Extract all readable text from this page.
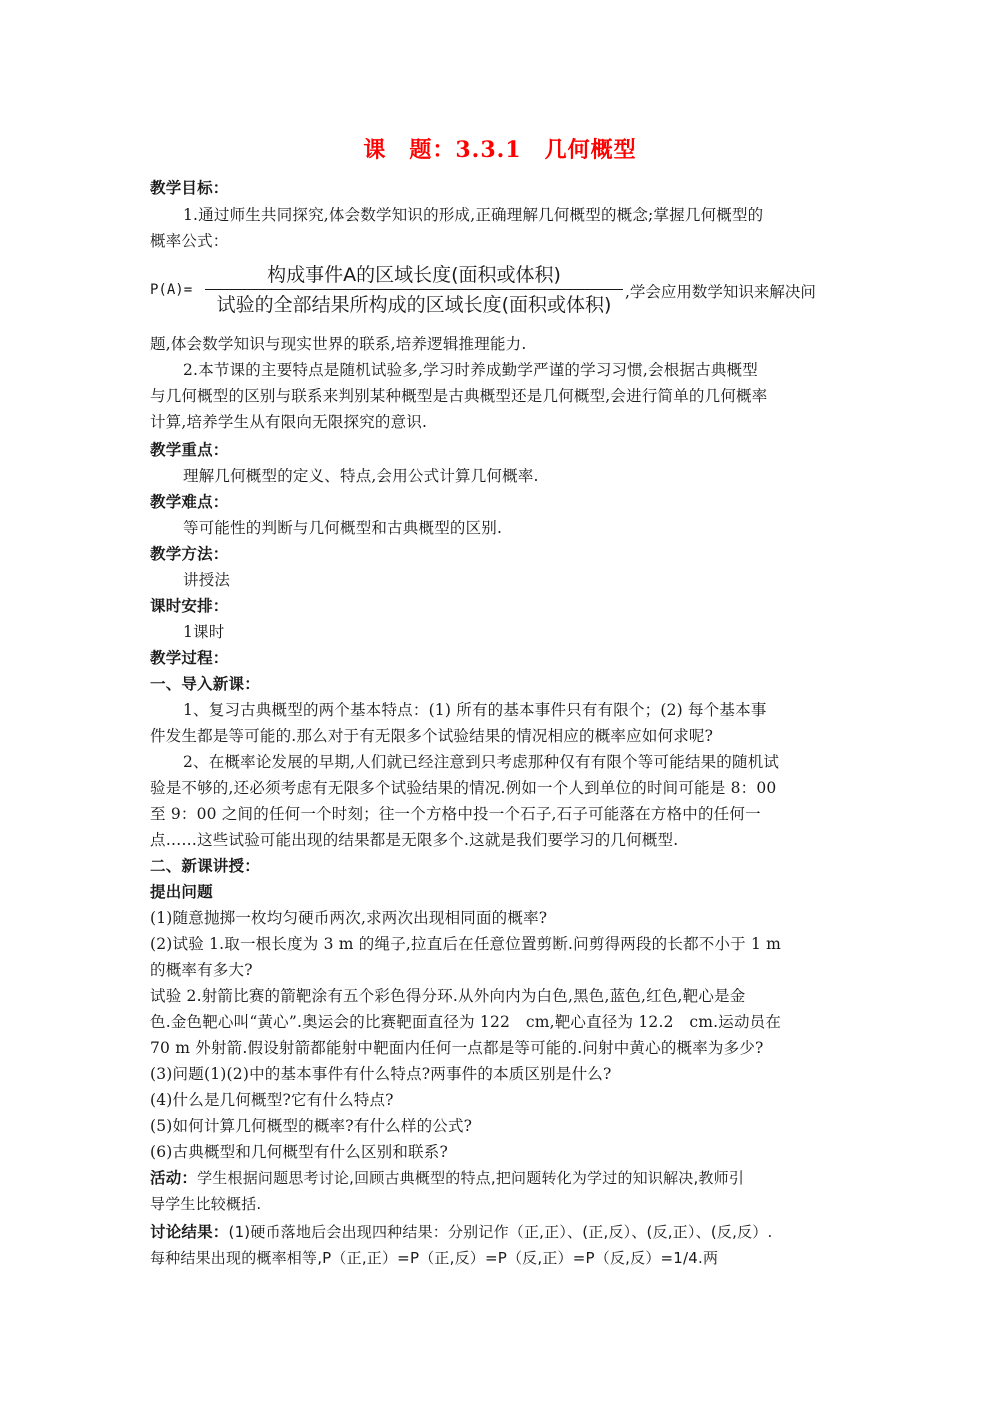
课　题：3.3.1　几何概型
教学目标：
1.通过师生共同探究,体会数学知识的形成,正确理解几何概型的概念;掌握几何概型的
概率公式：
P(A)=
构成事件A的区域长度(面积或体积)
试验的全部结果所构成的区域长度(面积或体积)
,学会应用数学知识来解决问
题,体会数学知识与现实世界的联系,培养逻辑推理能力.
2.本节课的主要特点是随机试验多,学习时养成勤学严谨的学习习惯,会根据古典概型
与几何概型的区别与联系来判别某种概型是古典概型还是几何概型,会进行简单的几何概率
计算,培养学生从有限向无限探究的意识.
教学重点：
理解几何概型的定义、特点,会用公式计算几何概率.
教学难点：
等可能性的判断与几何概型和古典概型的区别.
教学方法：
讲授法
课时安排：
1课时
教学过程：
一、导入新课：
1、复习古典概型的两个基本特点：(1) 所有的基本事件只有有限个；(2) 每个基本事
件发生都是等可能的.那么对于有无限多个试验结果的情况相应的概率应如何求呢?
2、在概率论发展的早期,人们就已经注意到只考虑那种仅有有限个等可能结果的随机试
验是不够的,还必须考虑有无限多个试验结果的情况.例如一个人到单位的时间可能是 8：00
至 9：00 之间的任何一个时刻；往一个方格中投一个石子,石子可能落在方格中的任何一
点……这些试验可能出现的结果都是无限多个.这就是我们要学习的几何概型.
二、新课讲授：
提出问题
(1)随意抛掷一枚均匀硬币两次,求两次出现相同面的概率?
(2)试验 1.取一根长度为 3 m 的绳子,拉直后在任意位置剪断.问剪得两段的长都不小于 1 m
的概率有多大?
试验 2.射箭比赛的箭靶涂有五个彩色得分环.从外向内为白色,黑色,蓝色,红色,靶心是金
色.金色靶心叫“黄心”.奥运会的比赛靶面直径为 122　cm,靶心直径为 12.2　cm.运动员在
70 m 外射箭.假设射箭都能射中靶面内任何一点都是等可能的.问射中黄心的概率为多少?
(3)问题(1)(2)中的基本事件有什么特点?两事件的本质区别是什么?
(4)什么是几何概型?它有什么特点?
(5)如何计算几何概型的概率?有什么样的公式?
(6)古典概型和几何概型有什么区别和联系?
活动：学生根据问题思考讨论,回顾古典概型的特点,把问题转化为学过的知识解决,教师引
导学生比较概括.
讨论结果：(1)硬币落地后会出现四种结果：分别记作（正,正）、(正,反）、(反,正）、(反,反）.
每种结果出现的概率相等,P（正,正）=P（正,反）=P（反,正）=P（反,反）=1/4.两
